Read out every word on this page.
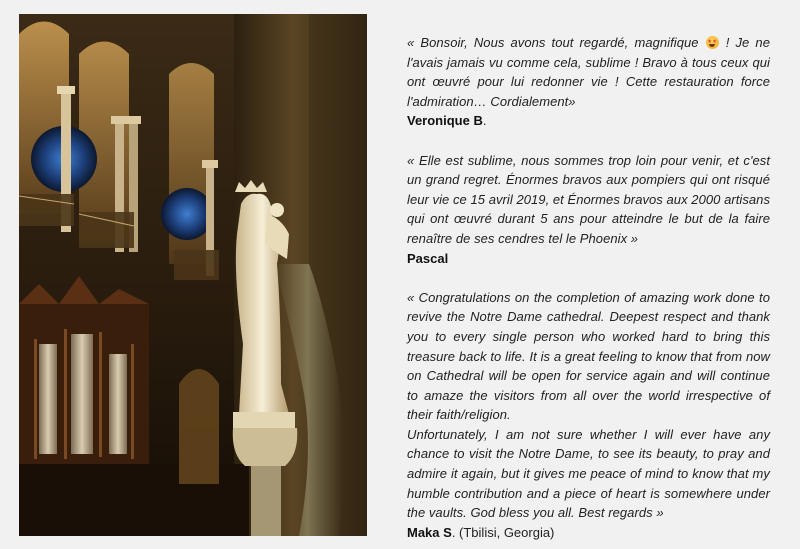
« Bonsoir, Nous avons tout regardé, magnifique
! Je ne l'avais jamais vu comme cela, sublime ! Bravo à tous ceux qui ont œuvré pour lui redonner vie ! Cette restauration force l'admiration… Cordialement»

Veronique B.

« Elle est sublime, nous sommes trop loin pour venir, et c'est un grand regret. Énormes bravos aux pompiers qui ont risqué leur vie ce 15 avril 2019, et Énormes bravos aux 2000 artisans qui ont œuvré durant 5 ans pour atteindre le but de la faire renaître de ses cendres tel le Phoenix »

Pascal

« Congratulations on the completion of amazing work done to revive the Notre Dame cathedral. Deepest respect and thank you to every single person who worked hard to bring this treasure back to life. It is a great feeling to know that from now on Cathedral will be open for service again and will continue to amaze the visitors from all over the world irrespective of their faith/religion.

Unfortunately, I am not sure whether I will ever have any chance to visit the Notre Dame, to see its beauty, to pray and admire it again, but it gives me peace of mind to know that my humble contribution and a piece of heart is somewhere under the vaults. God bless you all. Best regards »

Maka S. (Tbilisi, Georgia)
